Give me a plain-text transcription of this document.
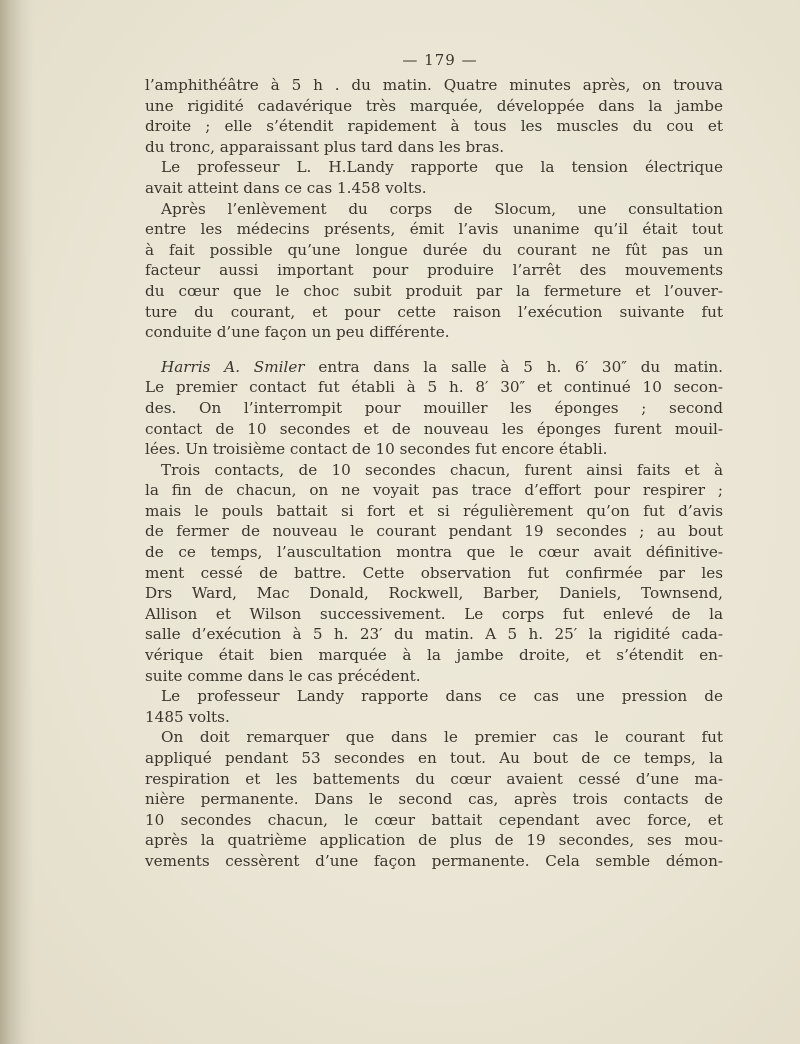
— 179 —
l’amphithéâtre à 5 h . du matin. Quatre minutes après, on trouva
une rigidité cadavérique très marquée, développée dans la jambe
droite ; elle s’étendit rapidement à tous les muscles du cou et
du tronc, apparaissant plus tard dans les bras.
Le professeur L. H.Landy rapporte que la tension électrique
avait atteint dans ce cas 1.458 volts.
Après l’enlèvement du corps de Slocum, une consultation
entre les médecins présents, émit l’avis unanime qu’il était tout
à fait possible qu’une longue durée du courant ne fût pas un
facteur aussi important pour produire l’arrêt des mouvements
du cœur que le choc subit produit par la fermeture et l’ouver-
ture du courant, et pour cette raison l’exécution suivante fut
conduite d’une façon un peu différente.
Harris A. Smiler entra dans la salle à 5 h. 6′ 30″ du matin.
Le premier contact fut établi à 5 h. 8′ 30″ et continué 10 secon-
des. On l’interrompit pour mouiller les éponges ; second
contact de 10 secondes et de nouveau les éponges furent mouil-
lées. Un troisième contact de 10 secondes fut encore établi.
Trois contacts, de 10 secondes chacun, furent ainsi faits et à
la fin de chacun, on ne voyait pas trace d’effort pour respirer ;
mais le pouls battait si fort et si régulièrement qu’on fut d’avis
de fermer de nouveau le courant pendant 19 secondes ; au bout
de ce temps, l’auscultation montra que le cœur avait définitive-
ment cessé de battre. Cette observation fut confirmée par les
Drs Ward, Mac Donald, Rockwell, Barber, Daniels, Townsend,
Allison et Wilson successivement. Le corps fut enlevé de la
salle d’exécution à 5 h. 23′ du matin. A 5 h. 25′ la rigidité cada-
vérique était bien marquée à la jambe droite, et s’étendit en-
suite comme dans le cas précédent.
Le professeur Landy rapporte dans ce cas une pression de
1485 volts.
On doit remarquer que dans le premier cas le courant fut
appliqué pendant 53 secondes en tout. Au bout de ce temps, la
respiration et les battements du cœur avaient cessé d’une ma-
nière permanente. Dans le second cas, après trois contacts de
10 secondes chacun, le cœur battait cependant avec force, et
après la quatrième application de plus de 19 secondes, ses mou-
vements cessèrent d’une façon permanente. Cela semble démon-
